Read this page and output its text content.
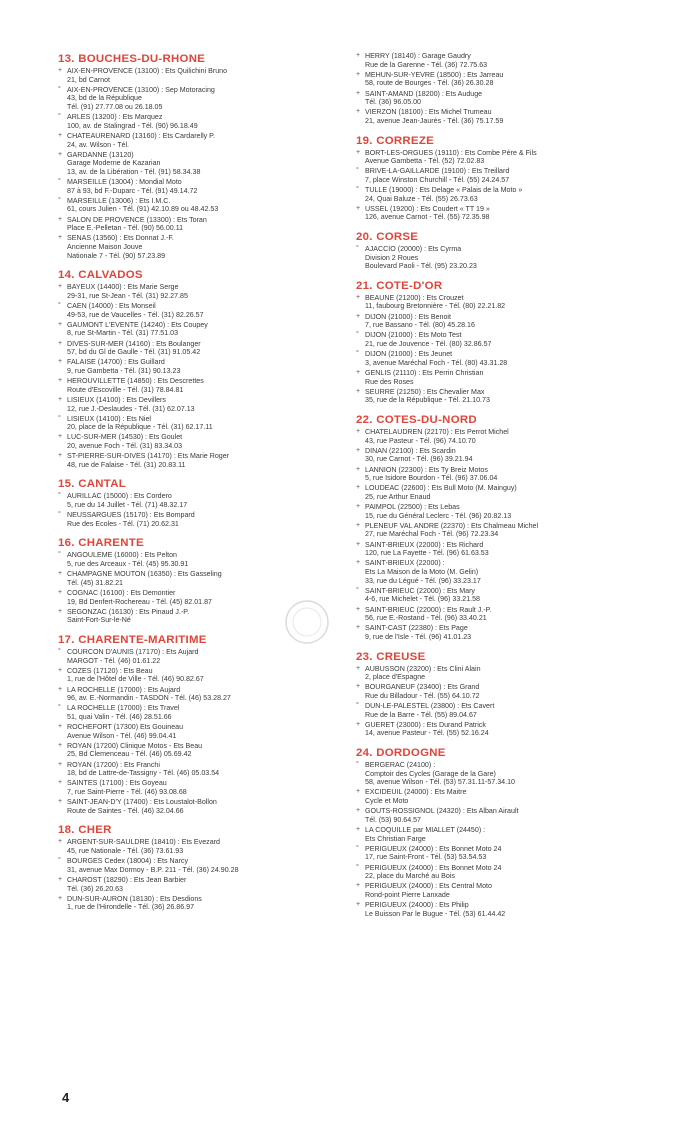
13. BOUCHES-DU-RHONE
+ AIX-EN-PROVENCE (13100) : Ets Quilichini Bruno
21, bd Carnot
° AIX-EN-PROVENCE (13100) : Sep Motoracing
43, bd de la République
Tél. (91) 27.77.08 ou 26.18.05
° ARLES (13200) : Ets Marquez
100, av. de Stalingrad - Tél. (90) 96.18.49
+ CHATEAURENARD (13160) : Ets Cardarelly P.
24, av. Wilson - Tél.
+ GARDANNE (13120)
Garage Moderne de Kazarian
13, av. de la Libération - Tél. (91) 58.34.38
° MARSEILLE (13004) : Mondial Moto
87 à 93, bd F.-Duparc - Tél. (91) 49.14.72
° MARSEILLE (13006) : Ets I.M.C.
61, cours Julien - Tél. (91) 42.10.89 ou 48.42.53
+ SALON DE PROVENCE (13300) : Ets Toran
Place E.-Pelletan - Tél. (90) 56.00.11
+ SENAS (13560) : Ets Donnat J.-F.
Ancienne Maison Jouve
Nationale 7 - Tél. (90) 57.23.89
14. CALVADOS
+ BAYEUX (14400) : Ets Marie Serge
29-31, rue St-Jean - Tél. (31) 92.27.85
° CAEN (14000) : Ets Monseil
49-53, rue de Vaucelles - Tél. (31) 82.26.57
+ GAUMONT L'EVENTE (14240) : Ets Coupey
8, rue St-Martin - Tél. (31) 77.51.03
+ DIVES-SUR-MER (14160) : Ets Boulanger
57, bd du Gl de Gaulle - Tél. (31) 91.05.42
+ FALAISE (14700) : Ets Guillard
9, rue Gambetta - Tél. (31) 90.13.23
+ HEROUVILLETTE (14850) : Ets Descrettes
Route d'Escoville - Tél. (31) 78.84.81
+ LISIEUX (14100) : Ets Devillers
12, rue J.-Deslaudes - Tél. (31) 62.07.13
° LISIEUX (14100) : Ets Niel
20, place de la République - Tél. (31) 62.17.11
+ LUC-SUR-MER (14530) : Ets Goulet
20, avenue Foch - Tél. (31) 83.34.03
+ ST-PIERRE-SUR-DIVES (14170) : Ets Marie Roger
48, rue de Falaise - Tél. (31) 20.83.11
15. CANTAL
° AURILLAC (15000) : Ets Cordero
5, rue du 14 Juillet - Tél. (71) 48.32.17
° NEUSSARGUES (15170) : Ets Bompard
Rue des Ecoles - Tél. (71) 20.62.31
16. CHARENTE
° ANGOULEME (16000) : Ets Pelton
5, rue des Arceaux - Tél. (45) 95.30.91
+ CHAMPAGNE MOUTON (16350) : Ets Gasseling
Tél. (45) 31.82.21
+ COGNAC (16100) : Ets Demontier
19, Bd Denfert-Rochereau - Tél. (45) 82.01.87
+ SEGONZAC (16130) : Ets Pinaud J.-P.
Saint-Fort-Sur-le-Né
17. CHARENTE-MARITIME
° COURCON D'AUNIS (17170) : Ets Aujard
MARGOT - Tél. (46) 01.61.22
+ COZES (17120) : Ets Beau
1, rue de l'Hôtel de Ville - Tél. (46) 90.82.67
+ LA ROCHELLE (17000) : Ets Aujard
96, av. E.-Normandin - TASDON - Tél. (46) 53.28.27
° LA ROCHELLE (17000) : Ets Travel
51, quai Valin - Tél. (46) 28.51.66
+ ROCHEFORT (17300) Ets Gouineau
Avenue Wilson - Tél. (46) 99.04.41
+ ROYAN (17200) Clinique Motos - Ets Beau
25, Bd Clemenceau - Tél. (46) 05.69.42
+ ROYAN (17200) : Ets Franchi
18, bd de Lattre-de-Tassigny - Tél. (46) 05.03.54
+ SAINTES (17100) : Ets Goyeau
7, rue Saint-Pierre - Tél. (46) 93.08.68
+ SAINT-JEAN-D'Y (17400) : Ets Loustalot-Bollon
Route de Saintes - Tél. (46) 32.04.66
18. CHER
+ ARGENT-SUR-SAULDRE (18410) : Ets Evezard
45, rue Nationale - Tél. (36) 73.61.93
° BOURGES Cedex (18004) : Ets Narcy
31, avenue Max Dormoy - B.P. 211 - Tél. (36) 24.90.28
+ CHAROST (18290) : Ets Jean Barbier
Tél. (36) 26.20.63
+ DUN-SUR-AURON (18130) : Ets Desdions
1, rue de l'Hirondelle - Tél. (36) 26.86.97
+ HERRY (18140) : Garage Gaudry
Rue de la Garenne - Tél. (36) 72.75.63
+ MEHUN-SUR-YEVRE (18500) : Ets Jarreau
58, route de Bourges - Tél. (36) 26.30.28
+ SAINT-AMAND (18200) : Ets Auduge
Tél. (36) 96.05.00
+ VIERZON (18100) : Ets Michel Trumeau
21, avenue Jean-Jaurès - Tél. (36) 75.17.59
19. CORREZE
+ BORT-LES-ORGUES (19110) : Ets Combe Père & Fils
Avenue Gambetta - Tél. (52) 72.02.83
° BRIVE-LA-GAILLARDE (19100) : Ets Treillard
7, place Winston Churchill - Tél. (55) 24.24.57
° TULLE (19000) : Ets Delage « Palais de la Moto »
24, Quai Baluze - Tél. (55) 26.73.63
+ USSEL (19200) : Ets Coudert « TT 19 »
126, avenue Carnot - Tél. (55) 72.35.98
20. CORSE
° AJACCIO (20000) : Ets Cyrma
Division 2 Roues
Boulevard Paoli - Tél. (95) 23.20.23
21. COTE-D'OR
+ BEAUNE (21200) : Ets Crouzet
11, faubourg Bretonnière - Tél. (80) 22.21.82
+ DIJON (21000) : Ets Benoit
7, rue Bassano - Tél. (80) 45.28.16
° DIJON (21000) : Ets Moto Test
21, rue de Jouvence - Tél. (80) 32.86.57
° DIJON (21000) : Ets Jeunet
3, avenue Maréchal Foch - Tél. (80) 43.31.28
+ GENLIS (21110) : Ets Perrin Christian
Rue des Roses
+ SEURRE (21250) : Ets Chevalier Max
35, rue de la République - Tél. 21.10.73
22. COTES-DU-NORD
+ CHATELAUDREN (22170) : Ets Perrot Michel
43, rue Pasteur - Tél. (96) 74.10.70
+ DINAN (22100) : Ets Scardin
30, rue Carnot - Tél. (96) 39.21.94
+ LANNION (22300) : Ets Ty Breiz Motos
5, rue Isidore Bourdon - Tél. (96) 37.06.04
+ LOUDEAC (22600) : Ets Bull Moto (M. Mainguy)
25, rue Arthur Enaud
+ PAIMPOL (22500) : Ets Lebas
15, rue du Général Leclerc - Tél. (96) 20.82.13
+ PLENEUF VAL ANDRE (22370) : Ets Chalmeau Michel
27, rue Maréchal Foch - Tél. (96) 72.23.34
+ SAINT-BRIEUX (22000) : Ets Richard
120, rue La Fayette - Tél. (96) 61.63.53
+ SAINT-BRIEUX (22000) :
Ets La Maison de la Moto (M. Gelin)
33, rue du Légué - Tél. (96) 33.23.17
° SAINT-BRIEUC (22000) : Ets Mary
4-6, rue Michelet - Tél. (96) 33.21.58
+ SAINT-BRIEUC (22000) : Ets Rault J.-P.
56, rue E.-Rostand - Tél. (96) 33.40.21
+ SAINT-CAST (22380) : Ets Page
9, rue de l'Isle - Tél. (96) 41.01.23
23. CREUSE
+ AUBUSSON (23200) : Ets Clini Alain
2, place d'Espagne
+ BOURGANEUF (23400) : Ets Grand
Rue du Billadour - Tél. (55) 64.10.72
° DUN-LE-PALESTEL (23800) : Ets Cavert
Rue de la Barre - Tél. (55) 89.04.67
+ GUERET (23000) : Ets Durand Patrick
14, avenue Pasteur - Tél. (55) 52.16.24
24. DORDOGNE
° BERGERAC (24100) :
Comptoir des Cycles (Garage de la Gare)
58, avenue Wilson - Tél. (53) 57.31.11-57.34.10
+ EXCIDEUIL (24000) : Ets Maitre
Cycle et Moto
+ GOUTS-ROSSIGNOL (24320) : Ets Alban Airault
Tél. (53) 90.64.57
+ LA COQUILLE par MIALLET (24450) :
Ets Christian Farge
° PERIGUEUX (24000) : Ets Bonnet Moto 24
17, rue Saint-Front - Tél. (53) 53.54.53
° PERIGUEUX (24000) : Ets Bonnet Moto 24
22, place du Marché au Bois
+ PERIGUEUX (24000) : Ets Central Moto
Rond-point Pierre Lanxade
+ PERIGUEUX (24000) : Ets Philip
Le Buisson Par le Bugue - Tél. (53) 61.44.42
4
